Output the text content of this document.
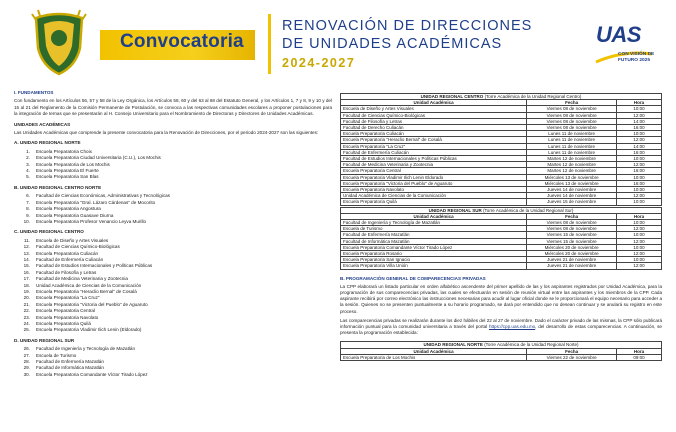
Convocatoria
RENOVACIÓN DE DIRECCIONES
DE UNIDADES ACADÉMICAS
2024-2027
UAS
CON VISIÓN DE FUTURO 2025

I. FUNDAMENTOS

Con fundamento en los Artículos 56, 57 y 58 de la Ley Orgánica, los Artículos 58, 60 y del 63 al 68 del Estatuto General, y los Artículos 1, 7 y 8, 9 y 10 y del 15 al 21 del Reglamento de la Comisión Permanente de Postulación, se convoca a las respectivas comunidades escolares a proponer postulaciones para la integración de ternas que se presentarán al H. Consejo Universitario para el Nombramiento de Directoras y Directores de Unidades Académicas.

UNIDADES ACADÉMICAS

Las Unidades Académicas que comprende la presente convocatoria para la Renovación de Direcciones, por el periodo 2024-2027 son las siguientes:

A. UNIDAD REGIONAL NORTE

1. Escuela Preparatoria Choix
2. Escuela Preparatoria Ciudad Universitaria (C.U.), Los Mochis
3. Escuela Preparatoria de Los Mochis
4. Escuela Preparatoria El Fuerte
5. Escuela Preparatoria San Blas

B. UNIDAD REGIONAL CENTRO NORTE

6. Facultad de Ciencias Económicas, Administrativas y Tecnológicas
7. Escuela Preparatoria "Gral. Lázaro Cárdenas" de Mocorito
8. Escuela Preparatoria Angostura
9. Escuela Preparatoria Guasave Diurna
10. Escuela Preparatoria Profesor Venancio Leyva Murillo

C. UNIDAD REGIONAL CENTRO

11. Escuela de Diseño y Artes Visuales
12. Facultad de Ciencias Químico-Biológicas
13. Escuela Preparatoria Culiacán
14. Facultad de Enfermería Culiacán
15. Facultad de Estudios Internacionales y Políticas Públicas
16. Facultad de Filosofía y Letras
17. Facultad de Medicina Veterinaria y Zootecnia
18. Unidad Académica de Ciencias de la Comunicación
19. Escuela Preparatoria "Heraclio Bernal" de Cosalá
20. Escuela Preparatoria "La Cruz"
21. Escuela Preparatoria "Victoria del Pueblo" de Aguaruto
22. Escuela Preparatoria Central
23. Escuela Preparatoria Navolato
24. Escuela Preparatoria Quilá
25. Escuela Preparatoria Vladimir Ilich Lenin (Eldorado)

D. UNIDAD REGIONAL SUR

26. Facultad de Ingeniería y Tecnología de Mazatlán
27. Escuela de Turismo
28. Facultad de Enfermería Mazatlán
29. Facultad de Informática Mazatlán
30. Escuela Preparatoria Comandante Víctor Tirado López
UNIDAD REGIONAL CENTRO (Torre Académica de la Unidad Regional Centro)		
Unidad Académica	Fecha	Hora
Escuela de Diseño y Artes Visuales	Viernes 08 de noviembre	10:00
Facultad de Ciencias Químico-Biológicas	Viernes 08 de noviembre	12:00
Facultad de Filosofía y Letras	Viernes 08 de noviembre	14:00
Facultad de Derecho Culiacán	Viernes 08 de noviembre	16:00
Escuela Preparatoria Culiacán	Lunes 11 de noviembre	10:00
Escuela Preparatoria "Heraclio Bernal" de Cosalá	Lunes 11 de noviembre	12:00
Escuela Preparatoria "La Cruz"	Lunes 11 de noviembre	14:00
Facultad de Enfermería Culiacán	Lunes 11 de noviembre	16:00
Facultad de Estudios Internacionales y Políticas Públicas	Martes 12 de noviembre	10:00
Facultad de Medicina Veterinaria y Zootecnia	Martes 12 de noviembre	12:00
Escuela Preparatoria Central	Martes 12 de noviembre	16:00
Escuela Preparatoria Vladimir Ilich Lenin Eldorado	Miércoles 13 de noviembre	10:00
Escuela Preparatoria "Victoria del Pueblo" de Aguaruto	Miércoles 13 de noviembre	16:00
Escuela Preparatoria Navolato	Jueves 14 de noviembre	10:00
Unidad Académica de Ciencias de la Comunicación	Jueves 14 de noviembre	12:00
Escuela Preparatoria Quilá	Jueves 15 de noviembre	10:00
UNIDAD REGIONAL SUR (Torre Académica de la Unidad Regional Sur)		
Unidad Académica	Fecha	Hora
Facultad de Ingeniería y Tecnología de Mazatlán	Viernes 08 de noviembre	10:00
Escuela de Turismo	Viernes 08 de noviembre	12:00
Facultad de Enfermería Mazatlán	Viernes 15 de noviembre	10:00
Facultad de Informática Mazatlán	Viernes 15 de noviembre	12:00
Escuela Preparatoria Comandante Víctor Tirado López	Miércoles 20 de noviembre	10:00
Escuela Preparatoria Rosario	Miércoles 20 de noviembre	12:00
Escuela Preparatoria San Ignacio	Jueves 21 de noviembre	10:00
Escuela Preparatoria Villa Unión	Jueves 21 de noviembre	12:00

B. PROGRAMACIÓN GENERAL DE COMPARECENCIAS PRIVADAS

La CPP elaborará un listado particular en orden alfabético ascendente del primer apellido de las y los aspirantes registrados por Unidad Académica, para la programación de sus comparecencias privadas, las cuales se efectuarán en sesión de reunión virtual entre las aspirantes y los miembros de la CPP. Cada aspirante recibirá por correo electrónico las instrucciones necesarias para acudir al lugar oficial donde se le proporcionará el equipo necesario para acceder a la sesión. Quienes no se presenten puntualmente a su horario programado, se dará por entendido que no desean continuar y se anulará su registro en este proceso.

Las comparecencias privadas se realizarán durante los diez hábiles del 22 al 27 de noviembre. Dado el carácter privado de las mismas, la CPP sólo publicará información puntual para la comunidad universitaria a través del portal https://cpp.uas.edu.mx, del desarrollo de estas comparecencias. A continuación, se presenta la programación establecida:

UNIDAD REGIONAL NORTE (Torre Académica de la Unidad Regional Norte)		
Unidad Académica	Fecha	Hora
Escuela Preparatoria de Los Mochis	Viernes 22 de noviembre	09:00
